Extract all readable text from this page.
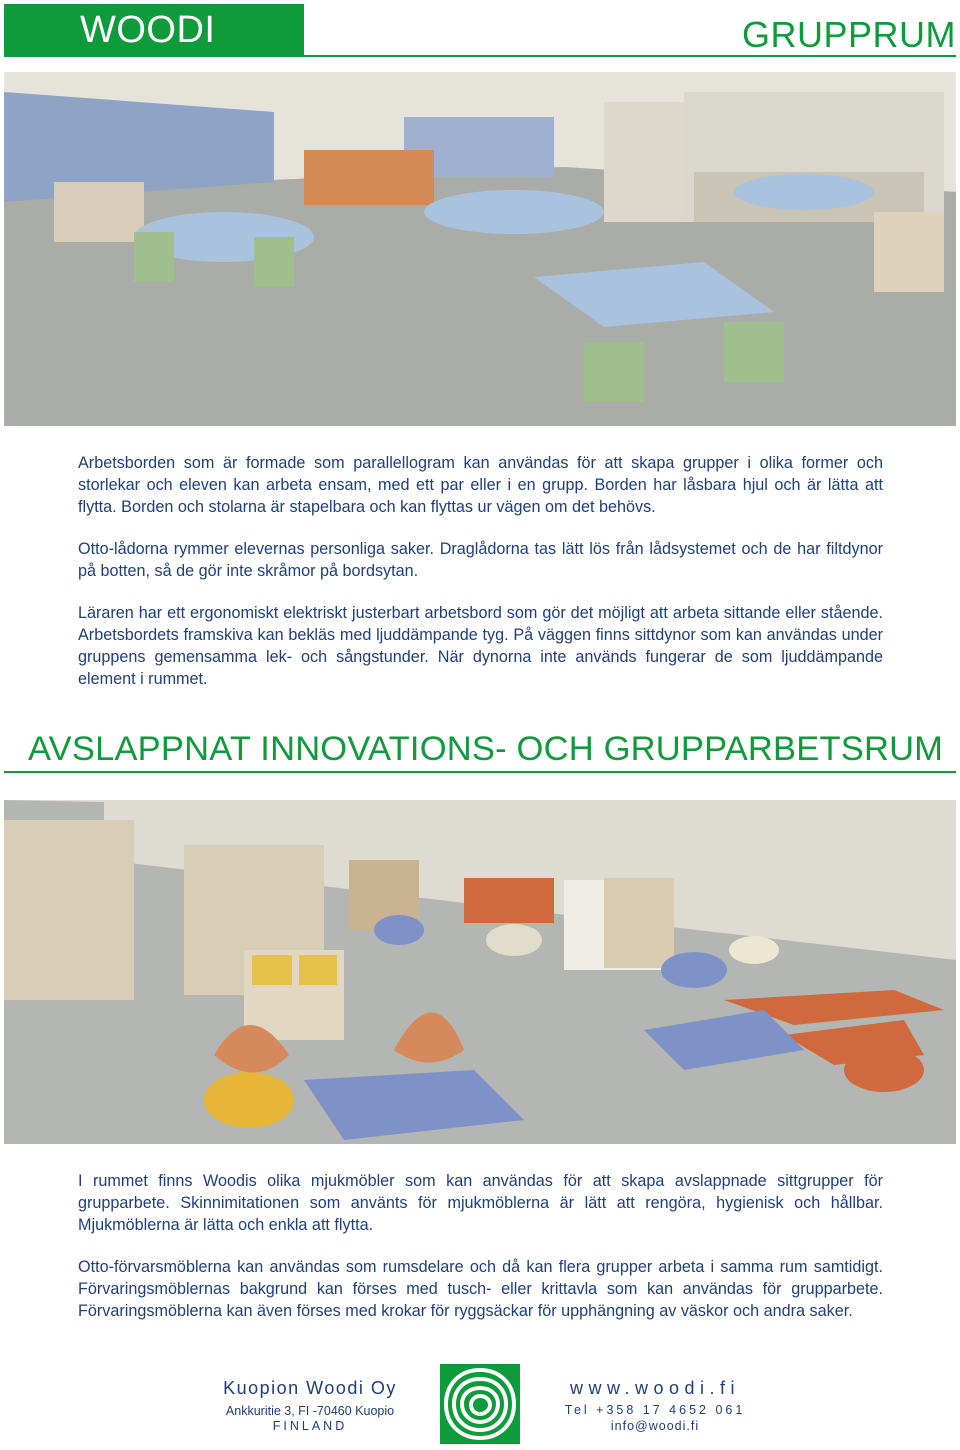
WOODI	GRUPPRUM

Arbetsborden som är formade som parallellogram kan användas för att skapa grupper i olika former och storlekar och eleven kan arbeta ensam, med ett par eller i en grupp. Borden har låsbara hjul och är lätta att flytta. Borden och stolarna är stapelbara och kan flyttas ur vägen om det behövs.

Otto-lådorna rymmer elevernas personliga saker. Draglådorna tas lätt lös från lådsystemet och de har filtdynor på botten, så de gör inte skråmor på bordsytan.

Läraren har ett ergonomiskt elektriskt justerbart arbetsbord som gör det möjligt att arbeta sittande eller stående. Arbetsbordets framskiva kan bekläs med ljuddämpande tyg. På väggen finns sittdynor som kan användas under gruppens gemensamma lek- och sångstunder. När dynorna inte används fungerar de som ljuddämpande element i rummet.

AVSLAPPNAT INNOVATIONS- OCH GRUPPARBETSRUM

I rummet finns Woodis olika mjukmöbler som kan användas för att skapa avslappnade sittgrupper för grupparbete. Skinnimitationen som använts för mjukmöblerna är lätt att rengöra, hygienisk och hållbar. Mjukmöblerna är lätta och enkla att flytta.

Otto-förvarsmöblerna kan användas som rumsdelare och då kan flera grupper arbeta i samma rum samtidigt. Förvaringsmöblernas bakgrund kan förses med tusch- eller krittavla som kan användas för grupparbete. Förvaringsmöblerna kan även förses med krokar för ryggsäckar för upphängning av väskor och andra saker.

Kuopion Woodi Oy
Ankkuritie 3, FI -70460 Kuopio
FINLAND
www.woodi.fi
Tel +358 17 4652 061
info@woodi.fi
